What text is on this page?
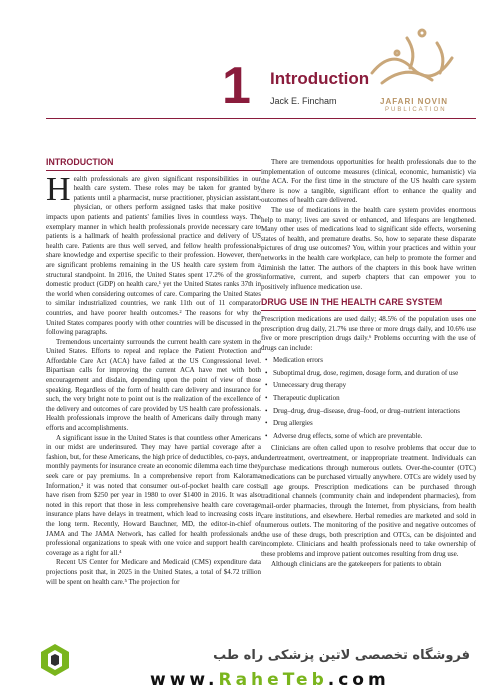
1 Introduction
Jack E. Fincham	JAFARI NOVIN
PUBLICATION
INTRODUCTION

Health professionals are given significant responsibilities in our health care system. These roles may be taken for granted by patients until a pharmacist, nurse practitioner, physician assistant, physician, or others perform assigned tasks that make positive impacts upon patients and patients' families lives in countless ways. The exemplary manner in which health professionals provide necessary care to patients is a hallmark of health professional practice and delivery of US health care. Patients are thus well served, and fellow health professionals share knowledge and expertise specific to their profession. However, there are significant problems remaining in the US health care system from a structural standpoint. In 2016, the United States spent 17.2% of the gross domestic product (GDP) on health care,¹ yet the United States ranks 37th in the world when considering outcomes of care. Comparing the United States to similar industrialized countries, we rank 11th out of 11 comparator countries, and have poorer health outcomes.² The reasons for why the United States compares poorly with other countries will be discussed in the following paragraphs.

Tremendous uncertainty surrounds the current health care system in the United States. Efforts to repeal and replace the Patient Protection and Affordable Care Act (ACA) have failed at the US Congressional level. Bipartisan calls for improving the current ACA have met with both encouragement and disdain, depending upon the point of view of those speaking. Regardless of the form of health care delivery and insurance for such, the very bright note to point out is the realization of the excellence of the delivery and outcomes of care provided by US health care professionals. Health professionals improve the health of Americans daily through many efforts and accomplishments.

A significant issue in the United States is that countless other Americans in our midst are underinsured. They may have partial coverage after a fashion, but, for these Americans, the high price of deductibles, co-pays, and monthly payments for insurance create an economic dilemma each time they seek care or pay premiums. In a comprehensive report from Kalorama Information,³ it was noted that consumer out-of-pocket health care costs have risen from $250 per year in 1980 to over $1400 in 2016. It was also noted in this report that those in less comprehensive health care coverage insurance plans have delays in treatment, which lead to increasing costs in the long term. Recently, Howard Bauchner, MD, the editor-in-chief of JAMA and The JAMA Network, has called for health professionals and professional organizations to speak with one voice and support health care coverage as a right for all.⁴

Recent US Center for Medicare and Medicaid (CMS) expenditure data projections posit that, in 2025 in the United States, a total of $4.72 trillion will be spent on health care.⁵ The projection for

There are tremendous opportunities for health professionals due to the implementation of outcome measures (clinical, economic, humanistic) via the ACA. For the first time in the structure of the US health care system there is now a tangible, significant effort to enhance the quality and outcomes of health care delivered.

The use of medications in the health care system provides enormous help to many; lives are saved or enhanced, and lifespans are lengthened. Many other uses of medications lead to significant side effects, worsening states of health, and premature deaths. So, how to separate these disparate pictures of drug use outcomes? You, within your practices and within your networks in the health care workplace, can help to promote the former and diminish the latter. The authors of the chapters in this book have written informative, current, and superb chapters that can empower you to positively influence medication use.

DRUG USE IN THE HEALTH CARE SYSTEM

Prescription medications are used daily; 48.5% of the population uses one prescription drug daily, 21.7% use three or more drugs daily, and 10.6% use five or more prescription drugs daily.⁶ Problems occurring with the use of drugs can include:

• Medication errors
• Suboptimal drug, dose, regimen, dosage form, and duration of use
• Unnecessary drug therapy
• Therapeutic duplication
• Drug–drug, drug–disease, drug–food, or drug–nutrient interactions
• Drug allergies
• Adverse drug effects, some of which are preventable.

Clinicians are often called upon to resolve problems that occur due to undertreatment, overtreatment, or inappropriate treatment. Individuals can purchase medications through numerous outlets. Over-the-counter (OTC) medications can be purchased virtually anywhere. OTCs are widely used by all age groups. Prescription medications can be purchased through traditional channels (community chain and independent pharmacies), from mail-order pharmacies, through the Internet, from physicians, from health care institutions, and elsewhere. Herbal remedies are marketed and sold in numerous outlets. The monitoring of the positive and negative outcomes of the use of these drugs, both prescription and OTCs, can be disjointed and incomplete. Clinicians and health professionals need to take ownership of these problems and improve patient outcomes resulting from drug use.

Although clinicians are the gatekeepers for patients to obtain

فروشگاه تخصصی لاتین پزشکی راه طب
www.RaheTeb.com
